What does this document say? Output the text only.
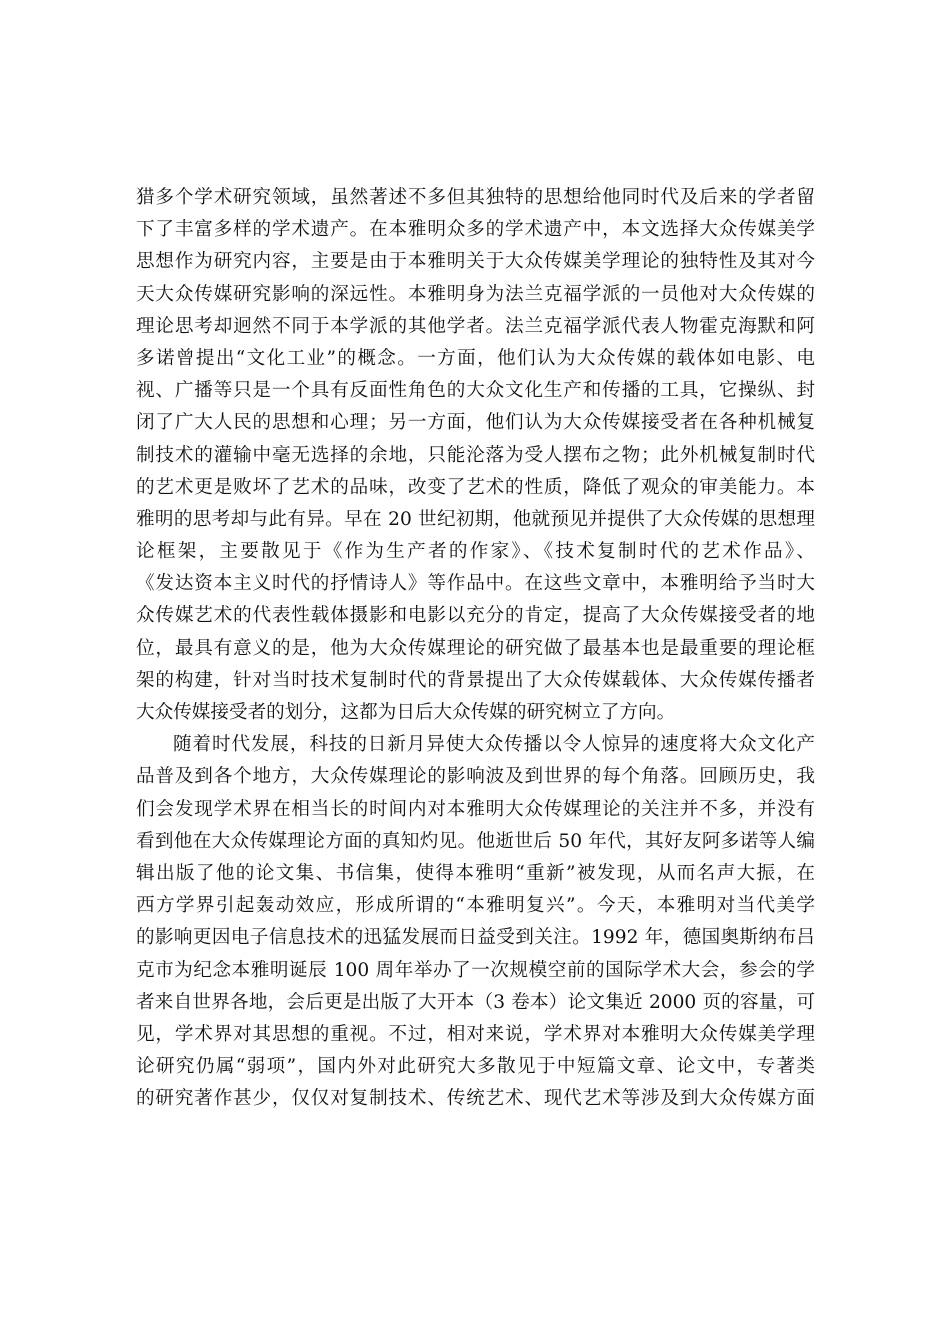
猎多个学术研究领域，虽然著述不多但其独特的思想给他同时代及后来的学者留
下了丰富多样的学术遗产。在本雅明众多的学术遗产中，本文选择大众传媒美学
思想作为研究内容，主要是由于本雅明关于大众传媒美学理论的独特性及其对今
天大众传媒研究影响的深远性。本雅明身为法兰克福学派的一员他对大众传媒的
理论思考却迥然不同于本学派的其他学者。法兰克福学派代表人物霍克海默和阿
多诺曾提出“文化工业”的概念。一方面，他们认为大众传媒的载体如电影、电
视、广播等只是一个具有反面性角色的大众文化生产和传播的工具，它操纵、封
闭了广大人民的思想和心理；另一方面，他们认为大众传媒接受者在各种机械复
制技术的灌输中毫无选择的余地，只能沦落为受人摆布之物；此外机械复制时代
的艺术更是败坏了艺术的品味，改变了艺术的性质，降低了观众的审美能力。本
雅明的思考却与此有异。早在 20 世纪初期，他就预见并提供了大众传媒的思想理
论框架，主要散见于《作为生产者的作家》、《技术复制时代的艺术作品》、
《发达资本主义时代的抒情诗人》等作品中。在这些文章中，本雅明给予当时大
众传媒艺术的代表性载体摄影和电影以充分的肯定，提高了大众传媒接受者的地
位，最具有意义的是，他为大众传媒理论的研究做了最基本也是最重要的理论框
架的构建，针对当时技术复制时代的背景提出了大众传媒载体、大众传媒传播者
大众传媒接受者的划分，这都为日后大众传媒的研究树立了方向。
随着时代发展，科技的日新月异使大众传播以令人惊异的速度将大众文化产
品普及到各个地方，大众传媒理论的影响波及到世界的每个角落。回顾历史，我
们会发现学术界在相当长的时间内对本雅明大众传媒理论的关注并不多，并没有
看到他在大众传媒理论方面的真知灼见。他逝世后 50 年代，其好友阿多诺等人编
辑出版了他的论文集、书信集，使得本雅明“重新”被发现，从而名声大振，在
西方学界引起轰动效应，形成所谓的“本雅明复兴”。今天，本雅明对当代美学
的影响更因电子信息技术的迅猛发展而日益受到关注。1992 年，德国奥斯纳布吕
克市为纪念本雅明诞辰 100 周年举办了一次规模空前的国际学术大会，参会的学
者来自世界各地，会后更是出版了大开本（3 卷本）论文集近 2000 页的容量，可
见，学术界对其思想的重视。不过，相对来说，学术界对本雅明大众传媒美学理
论研究仍属“弱项”，国内外对此研究大多散见于中短篇文章、论文中，专著类
的研究著作甚少，仅仅对复制技术、传统艺术、现代艺术等涉及到大众传媒方面
